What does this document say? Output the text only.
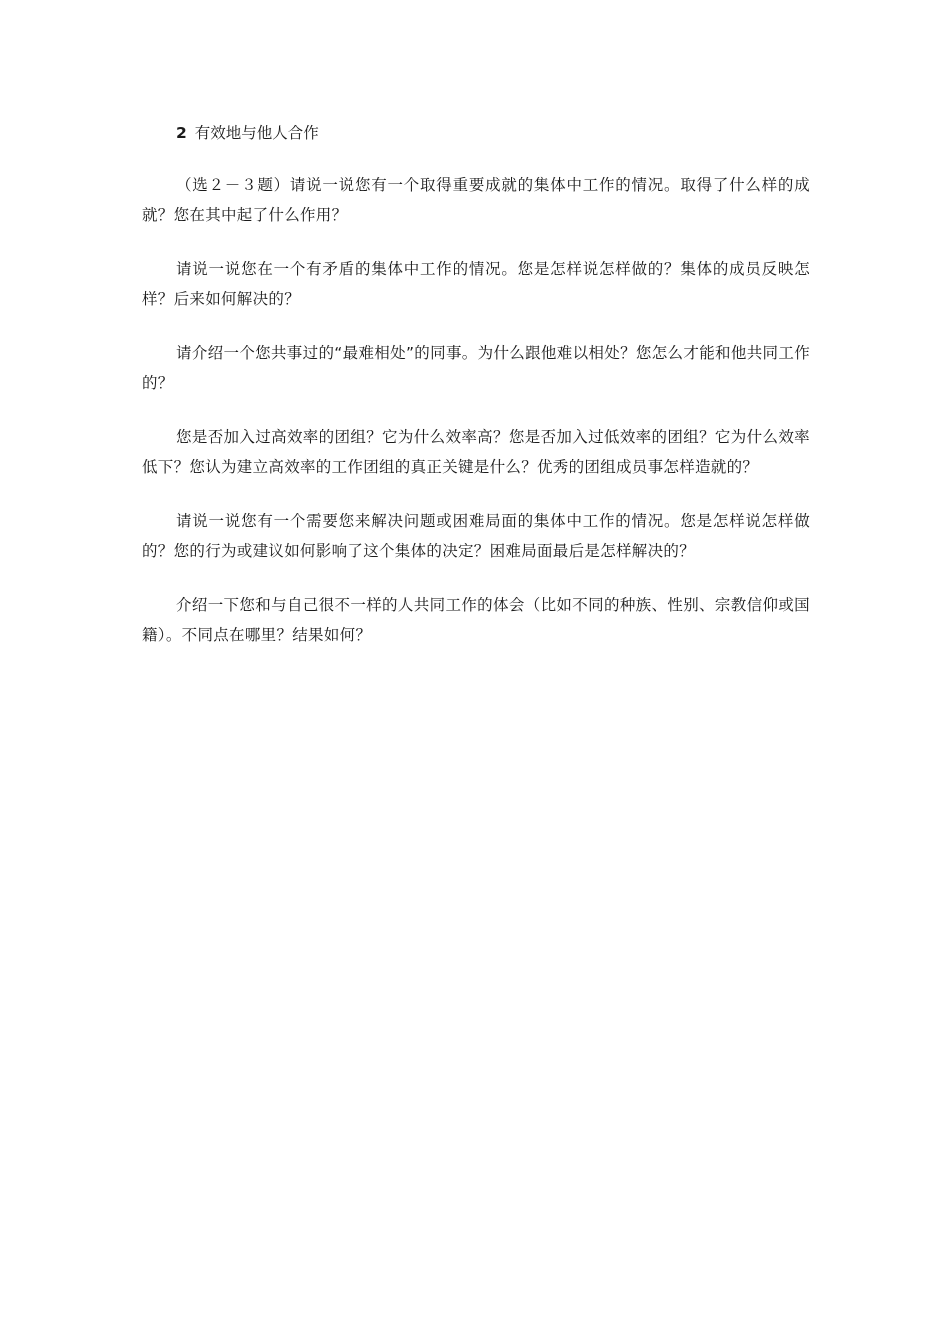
2 有效地与他人合作

（选２－３题）请说一说您有一个取得重要成就的集体中工作的情况。取得了什么样的成就？您在其中起了什么作用？

请说一说您在一个有矛盾的集体中工作的情况。您是怎样说怎样做的？集体的成员反映怎样？后来如何解决的？

请介绍一个您共事过的“最难相处”的同事。为什么跟他难以相处？您怎么才能和他共同工作的？

您是否加入过高效率的团组？它为什么效率高？您是否加入过低效率的团组？它为什么效率低下？您认为建立高效率的工作团组的真正关键是什么？优秀的团组成员事怎样造就的？

请说一说您有一个需要您来解决问题或困难局面的集体中工作的情况。您是怎样说怎样做的？您的行为或建议如何影响了这个集体的决定？困难局面最后是怎样解决的？

介绍一下您和与自己很不一样的人共同工作的体会（比如不同的种族、性别、宗教信仰或国籍）。不同点在哪里？结果如何？
